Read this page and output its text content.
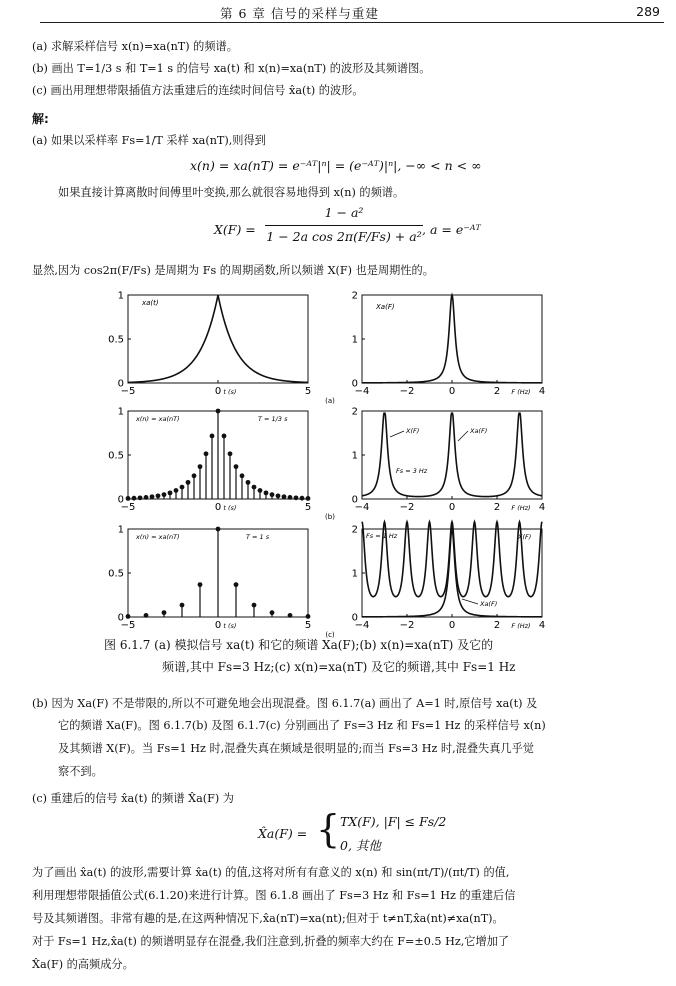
第 6 章 信号的采样与重建	289
(a) 求解采样信号 x(n)=xa(nT) 的频谱。
(b) 画出 T=1/3 s 和 T=1 s 的信号 xa(t) 和 x(n)=xa(nT) 的波形及其频谱图。
(c) 画出用理想带限插值方法重建后的连续时间信号 x̂a(t) 的波形。
解:
(a) 如果以采样率 Fs=1/T 采样 xa(nT),则得到
x(n) = xa(nT) = e⁻ᴬᵀ|ⁿ| = (e⁻ᴬᵀ)|ⁿ|, −∞ < n < ∞
如果直接计算离散时间傅里叶变换,那么就很容易地得到 x(n) 的频谱。
X(F) =
1 − a²
1 − 2a cos 2π(F/Fs) + a² , a = e⁻ᴬᵀ
显然,因为 cos2π(F/Fs) 是周期为 Fs 的周期函数,所以频谱 X(F) 也是周期性的。
−5	0	5
0
0.5
1
t (s)
xa(t)
−4	−2	0	2	4
0
1
2
F (Hz)
Xa(F)
(a)
−5	0	5
0
0.5
1
t (s)
x(n) = xa(nT)	T = 1/3 s
−4	−2	0	2	4
0
1
2
F (Hz)
X(F)	Xa(F)
Fs = 3 Hz
(b)
−5	0	5
0
0.5
1
t (s)
x(n) = xa(nT)	T = 1 s
−4	−2	0	2	4
0
1
2
F (Hz)
Fs = 1 Hz	X(F)
Xa(F)
(c)
图 6.1.7 (a) 模拟信号 xa(t) 和它的频谱 Xa(F);(b) x(n)=xa(nT) 及它的
频谱,其中 Fs=3 Hz;(c) x(n)=xa(nT) 及它的频谱,其中 Fs=1 Hz
(b) 因为 Xa(F) 不是带限的,所以不可避免地会出现混叠。图 6.1.7(a) 画出了 A=1 时,原信号 xa(t) 及
它的频谱 Xa(F)。图 6.1.7(b) 及图 6.1.7(c) 分别画出了 Fs=3 Hz 和 Fs=1 Hz 的采样信号 x(n)
及其频谱 X(F)。当 Fs=1 Hz 时,混叠失真在频域是很明显的;而当 Fs=3 Hz 时,混叠失真几乎觉
察不到。
(c) 重建后的信号 x̂a(t) 的频谱 X̂a(F) 为
X̂a(F) = { TX(F), |F| ≤ Fs/2
0, 其他
为了画出 x̂a(t) 的波形,需要计算 x̂a(t) 的值,这将对所有有意义的 x(n) 和 sin(πt/T)/(πt/T) 的值,
利用理想带限插值公式(6.1.20)来进行计算。图 6.1.8 画出了 Fs=3 Hz 和 Fs=1 Hz 的重建后信
号及其频谱图。非常有趣的是,在这两种情况下,x̂a(nT)=xa(nt);但对于 t≠nT,x̂a(nt)≠xa(nT)。
对于 Fs=1 Hz,x̂a(t) 的频谱明显存在混叠,我们注意到,折叠的频率大约在 F=±0.5 Hz,它增加了
X̂a(F) 的高频成分。
